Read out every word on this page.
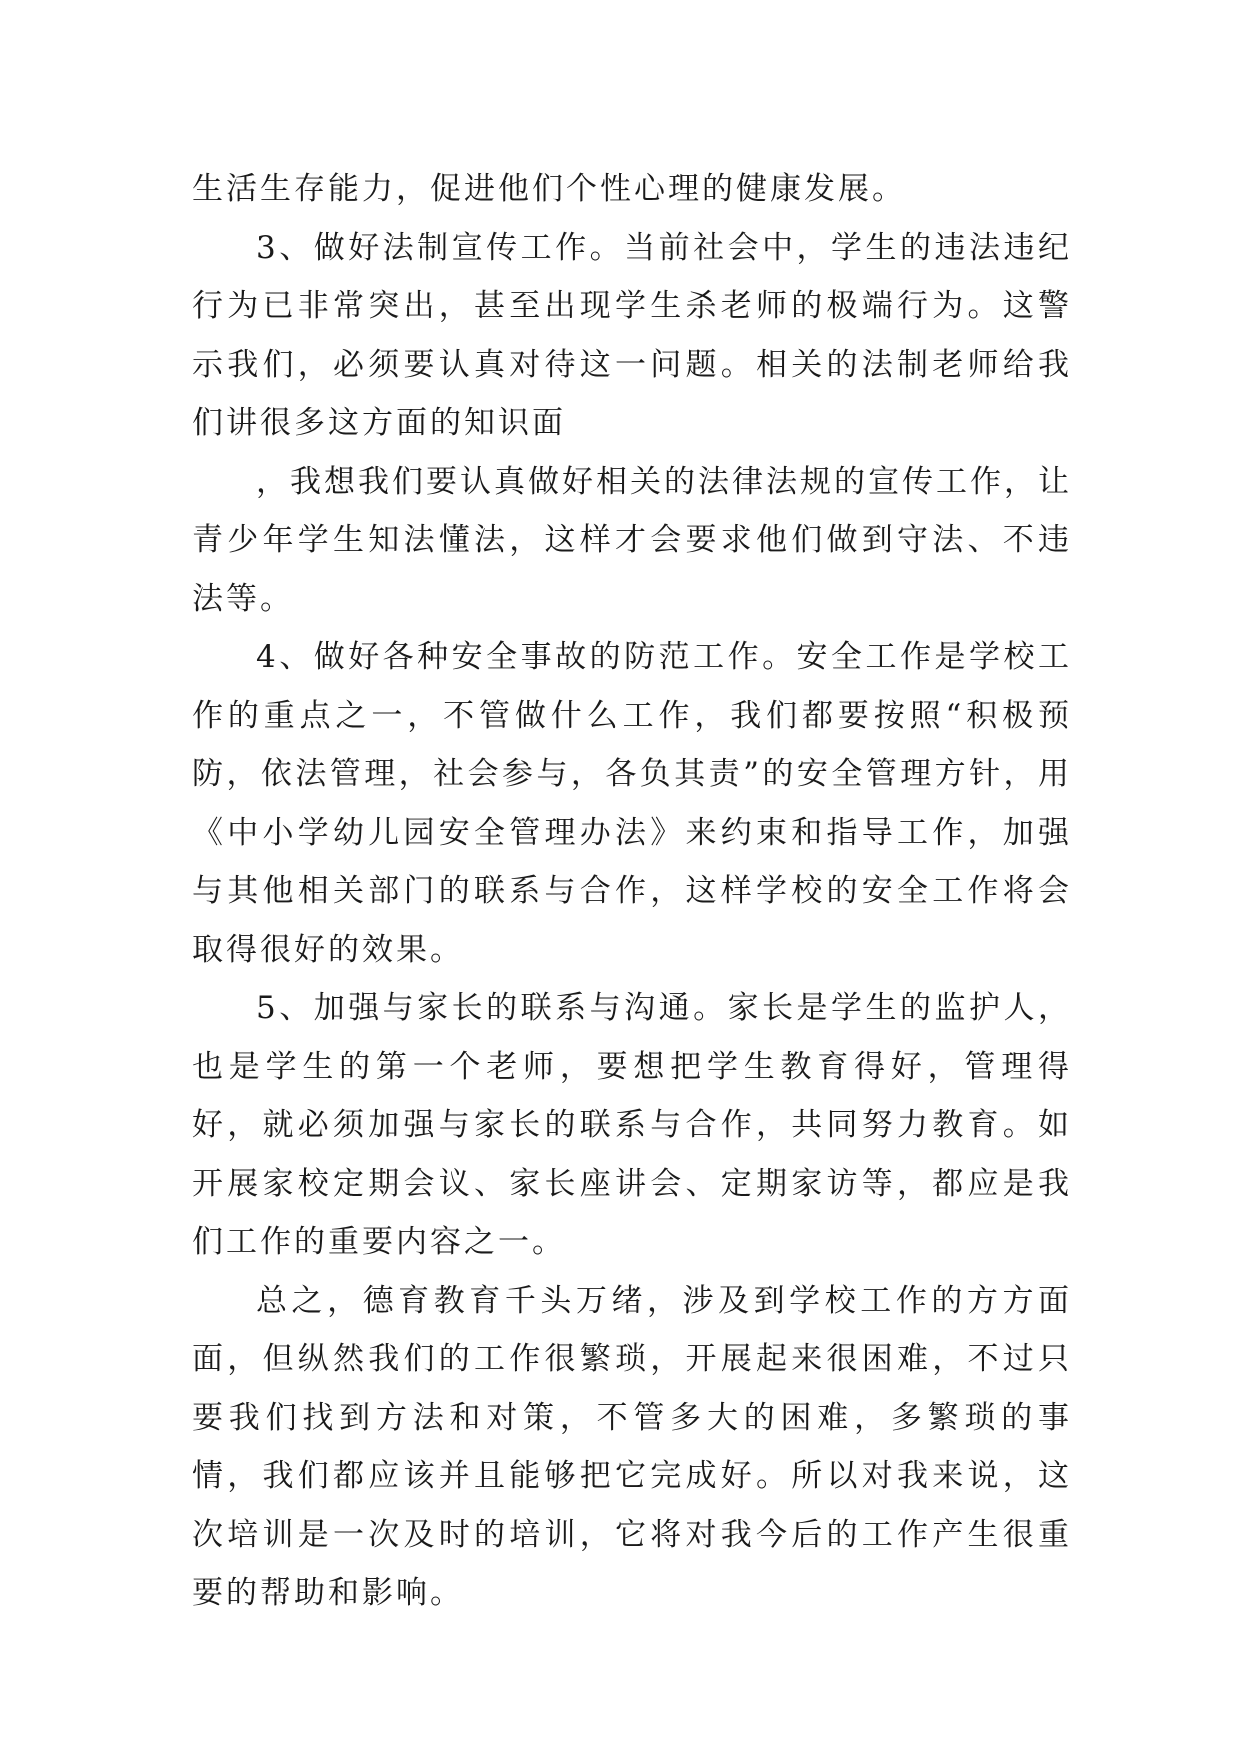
生活生存能力，促进他们个性心理的健康发展。

3、做好法制宣传工作。当前社会中，学生的违法违纪行为已非常突出，甚至出现学生杀老师的极端行为。这警示我们，必须要认真对待这一问题。相关的法制老师给我们讲很多这方面的知识面

，我想我们要认真做好相关的法律法规的宣传工作，让青少年学生知法懂法，这样才会要求他们做到守法、不违法等。

4、做好各种安全事故的防范工作。安全工作是学校工作的重点之一，不管做什么工作，我们都要按照“积极预防，依法管理，社会参与，各负其责”的安全管理方针，用《中小学幼儿园安全管理办法》来约束和指导工作，加强与其他相关部门的联系与合作，这样学校的安全工作将会取得很好的效果。

5、加强与家长的联系与沟通。家长是学生的监护人，也是学生的第一个老师，要想把学生教育得好，管理得好，就必须加强与家长的联系与合作，共同努力教育。如开展家校定期会议、家长座讲会、定期家访等，都应是我们工作的重要内容之一。

总之，德育教育千头万绪，涉及到学校工作的方方面面，但纵然我们的工作很繁琐，开展起来很困难，不过只要我们找到方法和对策，不管多大的困难，多繁琐的事情，我们都应该并且能够把它完成好。所以对我来说，这次培训是一次及时的培训，它将对我今后的工作产生很重要的帮助和影响。
